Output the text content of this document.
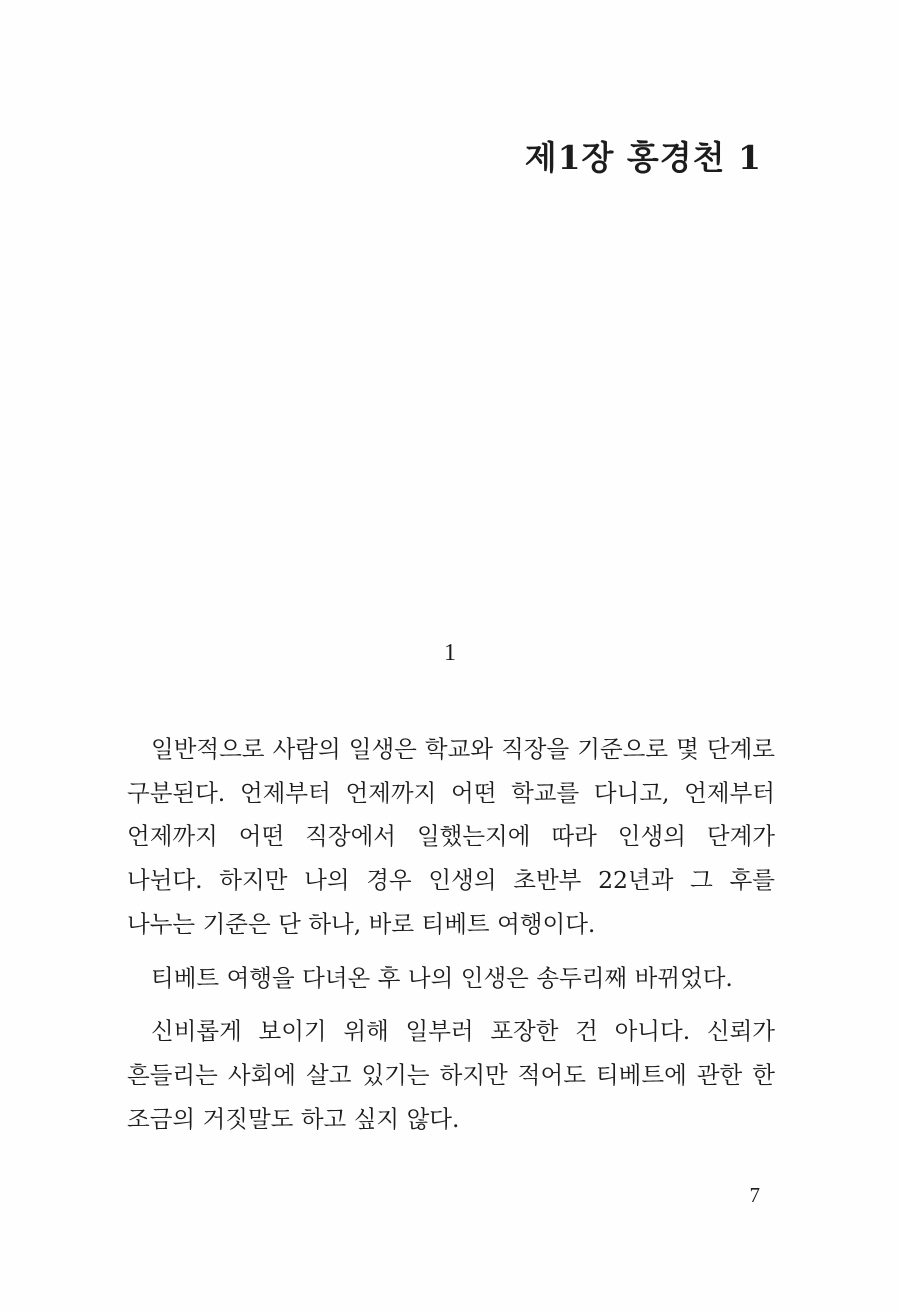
제1장 홍경천 1
1

일반적으로 사람의 일생은 학교와 직장을 기준으로 몇 단계로 구분된다. 언제부터 언제까지 어떤 학교를 다니고, 언제부터 언제까지 어떤 직장에서 일했는지에 따라 인생의 단계가 나뉜다. 하지만 나의 경우 인생의 초반부 22년과 그 후를 나누는 기준은 단 하나, 바로 티베트 여행이다.

티베트 여행을 다녀온 후 나의 인생은 송두리째 바뀌었다.

신비롭게 보이기 위해 일부러 포장한 건 아니다. 신뢰가 흔들리는 사회에 살고 있기는 하지만 적어도 티베트에 관한 한 조금의 거짓말도 하고 싶지 않다.

7
